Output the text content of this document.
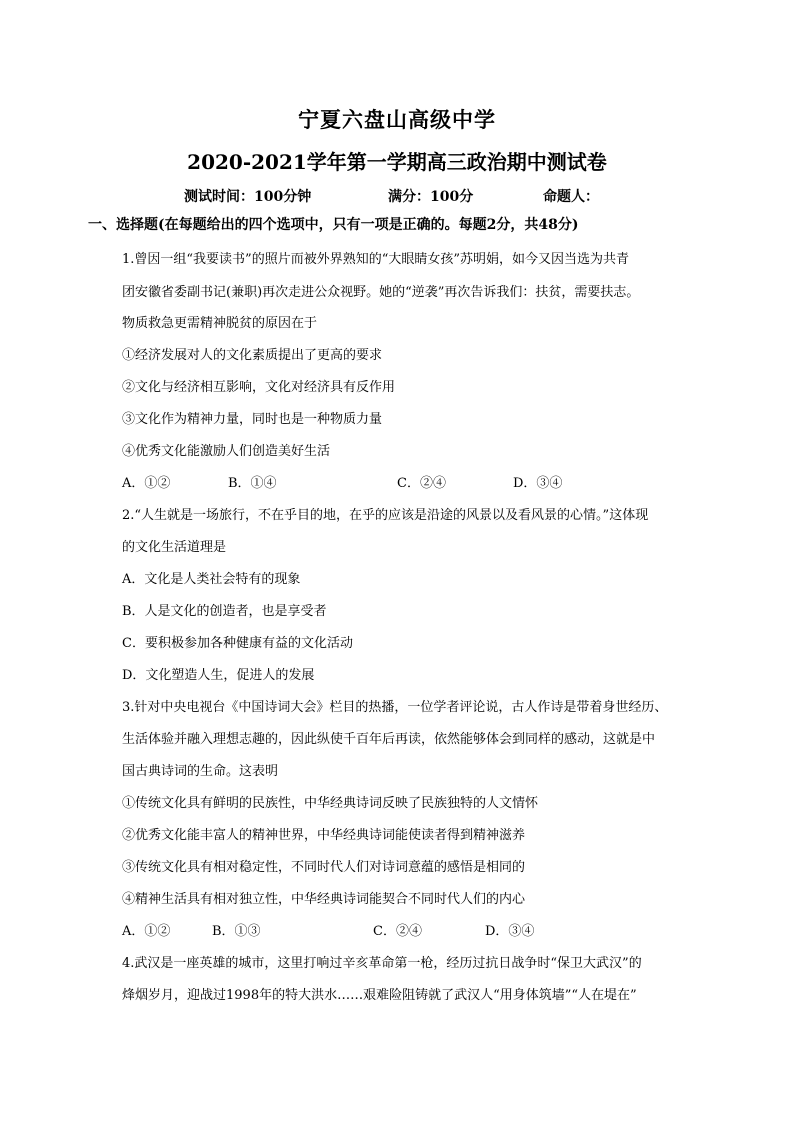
宁夏六盘山高级中学
2020-2021学年第一学期高三政治期中测试卷
测试时间：100分钟	满分：100分	命题人：
一、选择题(在每题给出的四个选项中，只有一项是正确的。每题2分，共48分)
1.曾因一组“我要读书”的照片而被外界熟知的“大眼睛女孩”苏明娟，如今又因当选为共青
团安徽省委副书记(兼职)再次走进公众视野。她的“逆袭”再次告诉我们：扶贫，需要扶志。
物质救急更需精神脱贫的原因在于
①经济发展对人的文化素质提出了更高的要求
②文化与经济相互影响，文化对经济具有反作用
③文化作为精神力量，同时也是一种物质力量
④优秀文化能激励人们创造美好生活
A．①②	B．①④	C．②④	D．③④
2.“人生就是一场旅行，不在乎目的地，在乎的应该是沿途的风景以及看风景的心情。”这体现
的文化生活道理是
A．文化是人类社会特有的现象
B．人是文化的创造者，也是享受者
C．要积极参加各种健康有益的文化活动
D．文化塑造人生，促进人的发展
3.针对中央电视台《中国诗词大会》栏目的热播，一位学者评论说，古人作诗是带着身世经历、
生活体验并融入理想志趣的，因此纵使千百年后再读，依然能够体会到同样的感动，这就是中
国古典诗词的生命。这表明
①传统文化具有鲜明的民族性，中华经典诗词反映了民族独特的人文情怀
②优秀文化能丰富人的精神世界，中华经典诗词能使读者得到精神滋养
③传统文化具有相对稳定性，不同时代人们对诗词意蕴的感悟是相同的
④精神生活具有相对独立性，中华经典诗词能契合不同时代人们的内心
A．①②	B．①③	C．②④	D．③④
4.武汉是一座英雄的城市，这里打响过辛亥革命第一枪，经历过抗日战争时“保卫大武汉”的
烽烟岁月，迎战过1998年的特大洪水……艰难险阻铸就了武汉人“用身体筑墙”“人在堤在”
